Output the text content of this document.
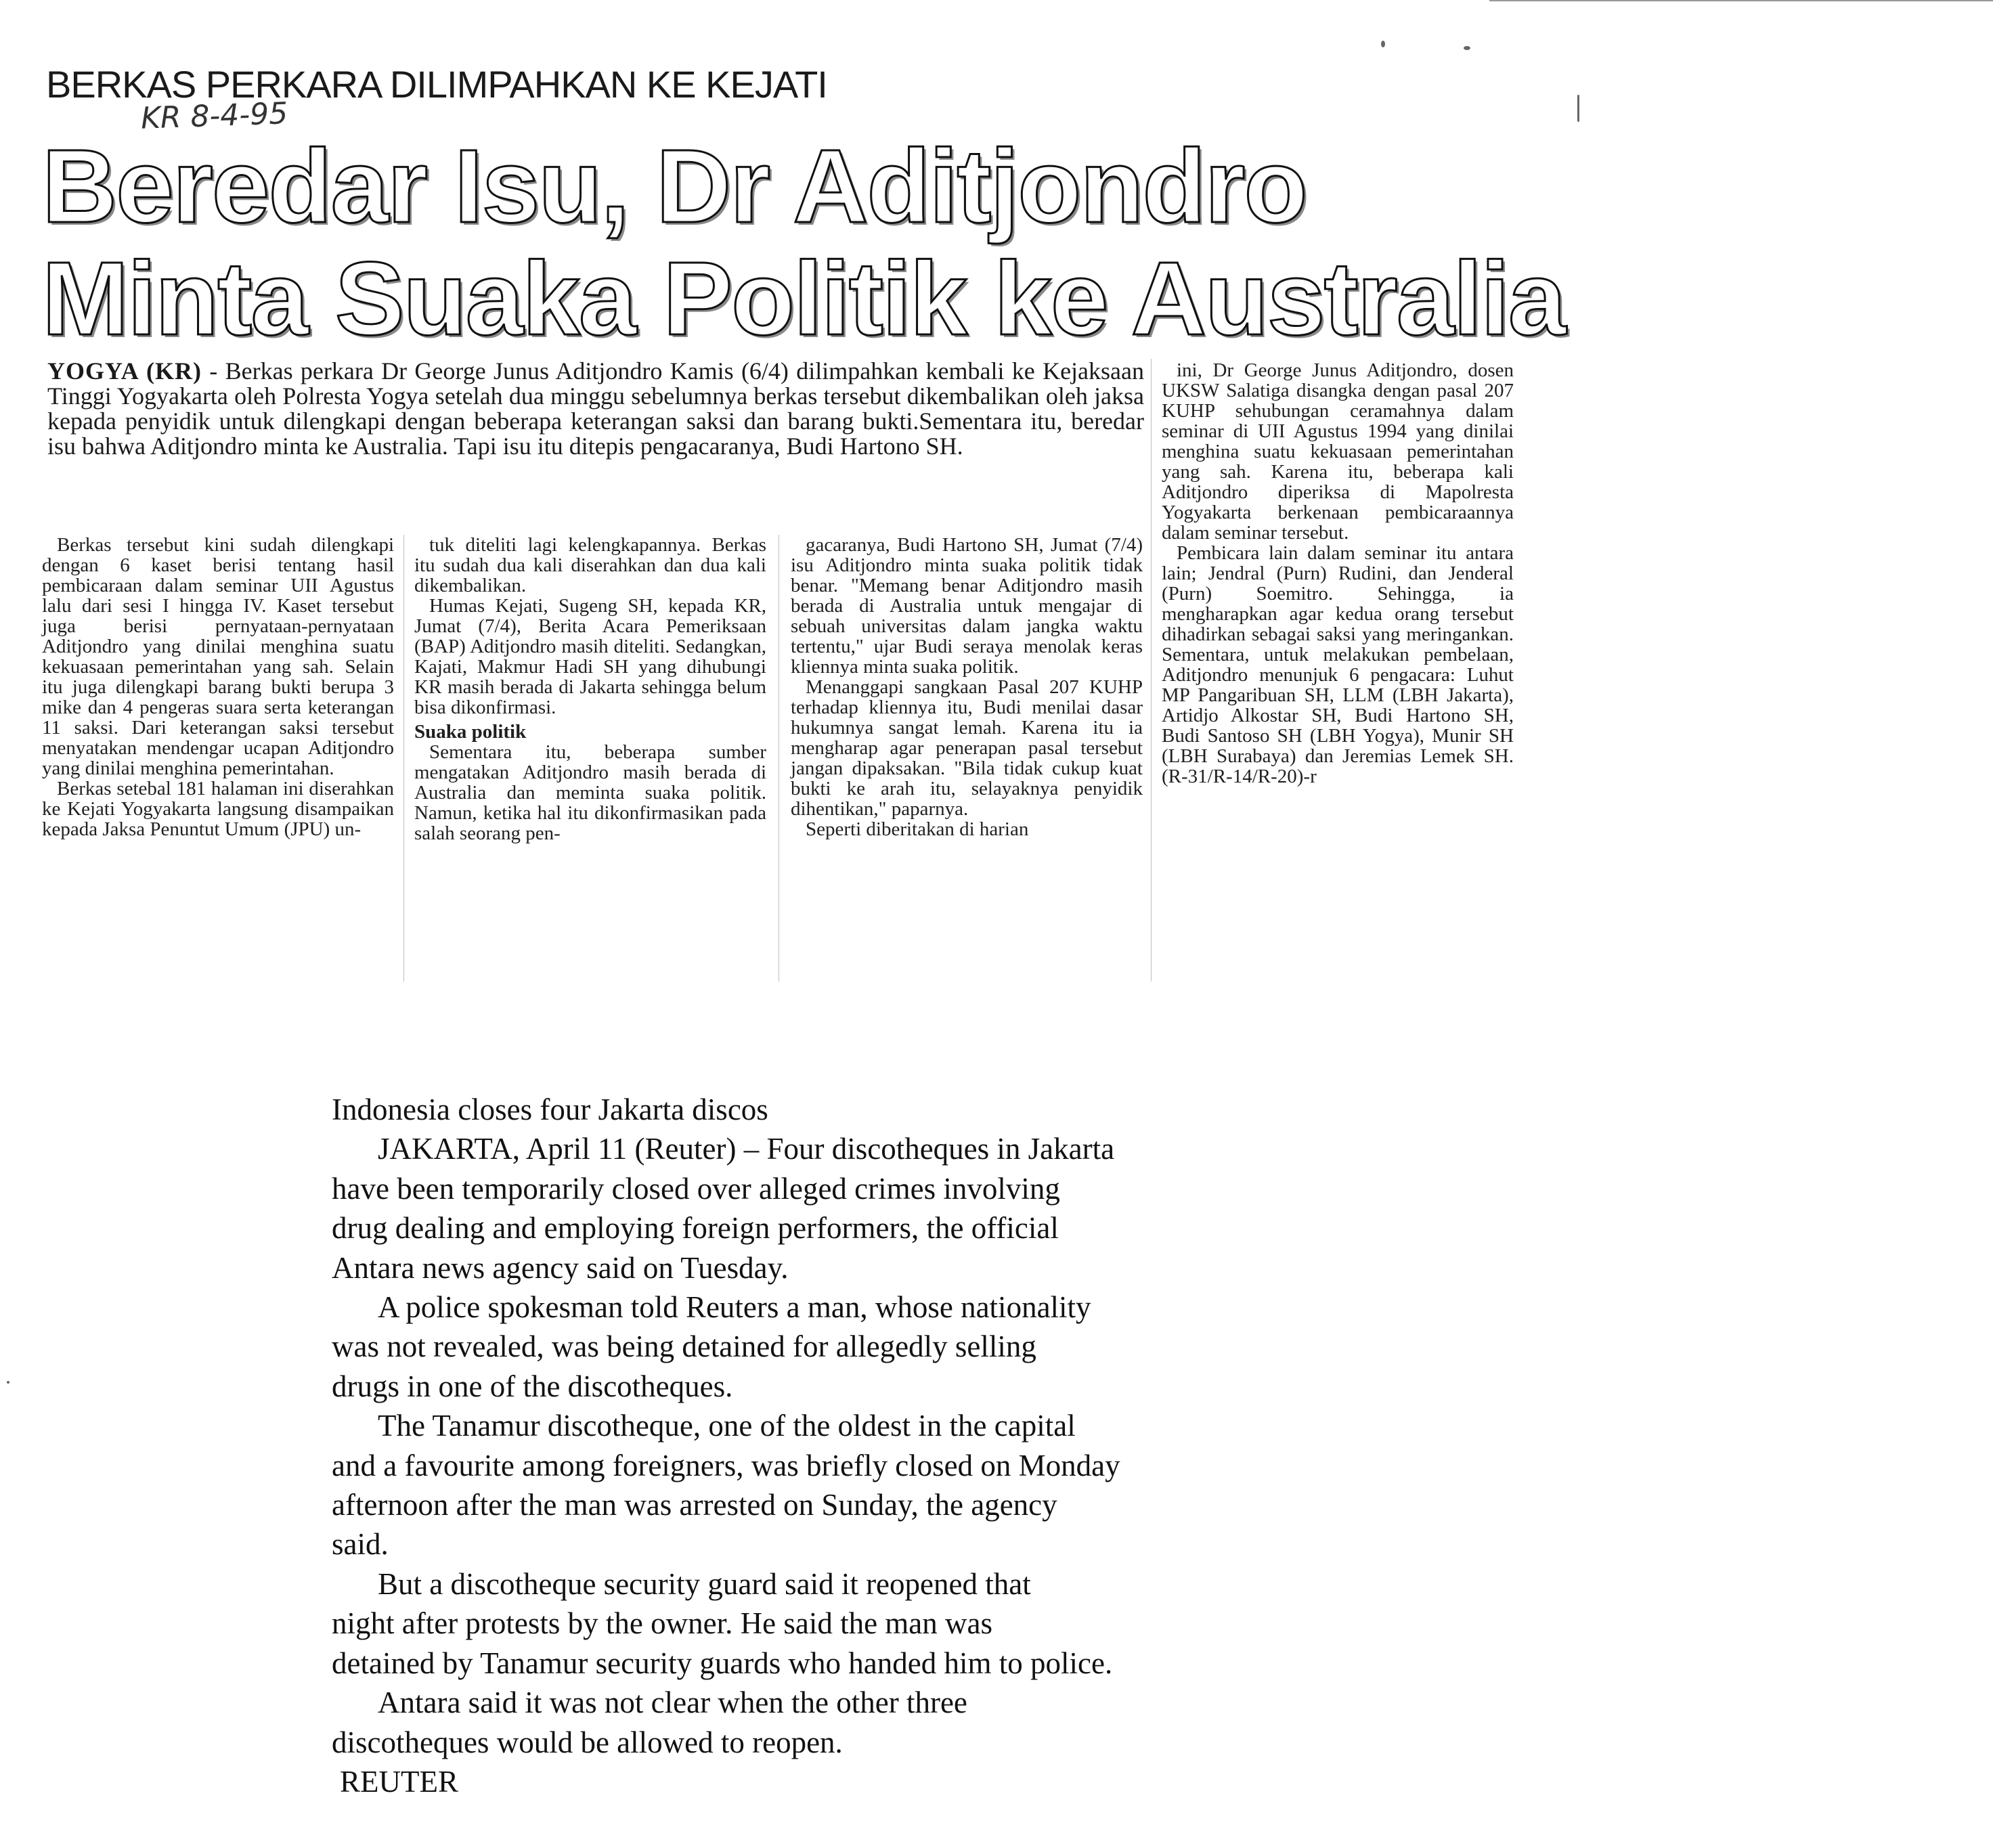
BERKAS PERKARA DILIMPAHKAN KE KEJATI
KR 8-4-95
Beredar Isu, Dr Aditjondro
Minta Suaka Politik ke Australia
YOGYA (KR) - Berkas perkara Dr George Junus Aditjondro Kamis (6/4) dilimpahkan kembali ke Kejaksaan Tinggi Yogyakarta oleh Polresta Yogya setelah dua minggu sebelumnya berkas tersebut dikembalikan oleh jaksa kepada penyidik untuk dilengkapi dengan beberapa keterangan saksi dan barang bukti.Sementara itu, beredar isu bahwa Aditjondro minta ke Australia. Tapi isu itu ditepis pengacaranya, Budi Hartono SH.

Berkas tersebut kini sudah dilengkapi dengan 6 kaset berisi tentang hasil pembicaraan dalam seminar UII Agustus lalu dari sesi I hingga IV. Kaset tersebut juga berisi pernyataan-pernyataan Aditjondro yang dinilai menghina suatu kekuasaan pemerintahan yang sah. Selain itu juga dilengkapi barang bukti berupa 3 mike dan 4 pengeras suara serta keterangan 11 saksi. Dari keterangan saksi tersebut menyatakan mendengar ucapan Aditjondro yang dinilai menghina pemerintahan.

Berkas setebal 181 halaman ini diserahkan ke Kejati Yogyakarta langsung disampaikan kepada Jaksa Penuntut Umum (JPU) un-

tuk diteliti lagi kelengkapannya. Berkas itu sudah dua kali diserahkan dan dua kali dikembalikan.

Humas Kejati, Sugeng SH, kepada KR, Jumat (7/4), Berita Acara Pemeriksaan (BAP) Aditjondro masih diteliti. Sedangkan, Kajati, Makmur Hadi SH yang dihubungi KR masih berada di Jakarta sehingga belum bisa dikonfirmasi.

Suaka politik

Sementara itu, beberapa sumber mengatakan Aditjondro masih berada di Australia dan meminta suaka politik. Namun, ketika hal itu dikonfirmasikan pada salah seorang pen-

gacaranya, Budi Hartono SH, Jumat (7/4) isu Aditjondro minta suaka politik tidak benar. "Memang benar Aditjondro masih berada di Australia untuk mengajar di sebuah universitas dalam jangka waktu tertentu," ujar Budi seraya menolak keras kliennya minta suaka politik.

Menanggapi sangkaan Pasal 207 KUHP terhadap kliennya itu, Budi menilai dasar hukumnya sangat lemah. Karena itu ia mengharap agar penerapan pasal tersebut jangan dipaksakan. "Bila tidak cukup kuat bukti ke arah itu, selayaknya penyidik dihentikan," paparnya.

Seperti diberitakan di harian

ini, Dr George Junus Aditjondro, dosen UKSW Salatiga disangka dengan pasal 207 KUHP sehubungan ceramahnya dalam seminar di UII Agustus 1994 yang dinilai menghina suatu kekuasaan pemerintahan yang sah. Karena itu, beberapa kali Aditjondro diperiksa di Mapolresta Yogyakarta berkenaan pembicaraannya dalam seminar tersebut.

Pembicara lain dalam seminar itu antara lain; Jendral (Purn) Rudini, dan Jenderal (Purn) Soemitro. Sehingga, ia mengharapkan agar kedua orang tersebut dihadirkan sebagai saksi yang meringankan. Sementara, untuk melakukan pembelaan, Aditjondro menunjuk 6 pengacara: Luhut MP Pangaribuan SH, LLM (LBH Jakarta), Artidjo Alkostar SH, Budi Hartono SH, Budi Santoso SH (LBH Yogya), Munir SH (LBH Surabaya) dan Jeremias Lemek SH. (R-31/R-14/R-20)-r

Indonesia closes four Jakarta discos

JAKARTA, April 11 (Reuter) – Four discotheques in Jakarta

have been temporarily closed over alleged crimes involving

drug dealing and employing foreign performers, the official

Antara news agency said on Tuesday.

A police spokesman told Reuters a man, whose nationality

was not revealed, was being detained for allegedly selling

drugs in one of the discotheques.

The Tanamur discotheque, one of the oldest in the capital

and a favourite among foreigners, was briefly closed on Monday

afternoon after the man was arrested on Sunday, the agency

said.

But a discotheque security guard said it reopened that

night after protests by the owner. He said the man was

detained by Tanamur security guards who handed him to police.

Antara said it was not clear when the other three

discotheques would be allowed to reopen.

REUTER
